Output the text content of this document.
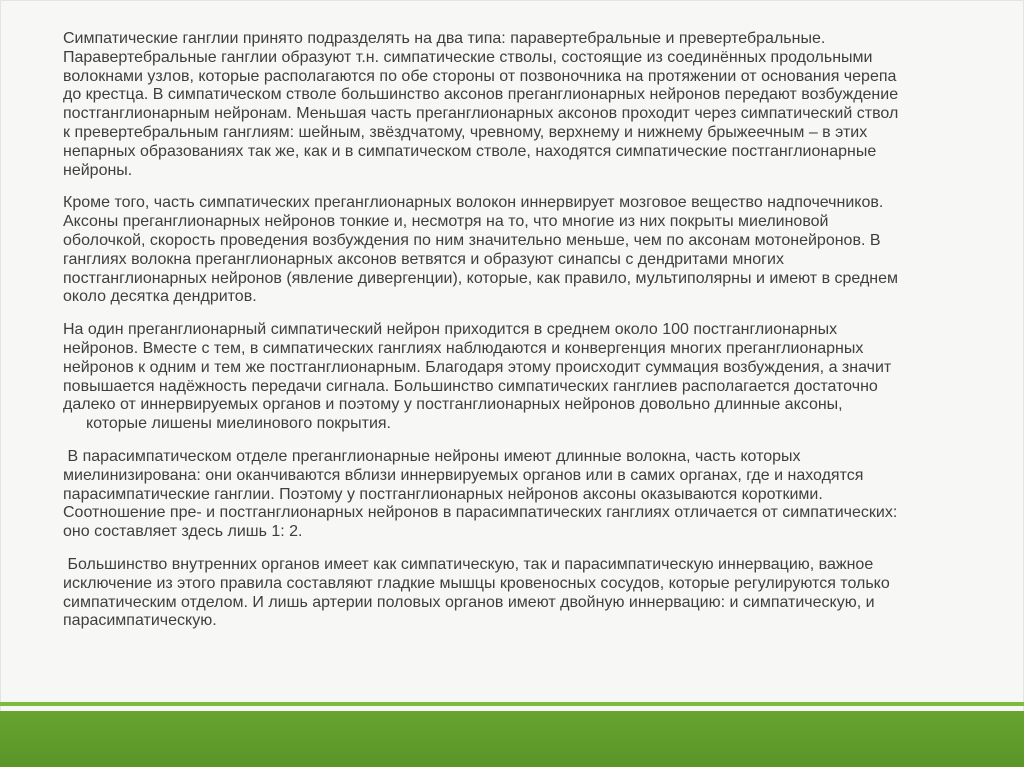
Симпатические ганглии принято подразделять на два типа: паравертебральные и превертебральные.
Паравертебральные ганглии образуют т.н. симпатические стволы, состоящие из соединённых продольными
волокнами узлов, которые располагаются по обе стороны от позвоночника на протяжении от основания черепа
до крестца. В симпатическом стволе большинство аксонов преганглионарных нейронов передают возбуждение
постганглионарным нейронам. Меньшая часть преганглионарных аксонов проходит через симпатический ствол
к превертебральным ганглиям: шейным, звёздчатому, чревному, верхнему и нижнему брыжеечным – в этих
непарных образованиях так же, как и в симпатическом стволе, находятся симпатические постганглионарные
нейроны.
Кроме того, часть симпатических преганглионарных волокон иннервирует мозговое вещество надпочечников.
Аксоны преганглионарных нейронов тонкие и, несмотря на то, что многие из них покрыты миелиновой
оболочкой, скорость проведения возбуждения по ним значительно меньше, чем по аксонам мотонейронов. В
ганглиях волокна преганглионарных аксонов ветвятся и образуют синапсы с дендритами многих
постганглионарных нейронов (явление дивергенции), которые, как правило, мультиполярны и имеют в среднем
около десятка дендритов.
На один преганглионарный симпатический нейрон приходится в среднем около 100 постганглионарных
нейронов. Вместе с тем, в симпатических ганглиях наблюдаются и конвергенция многих преганглионарных
нейронов к одним и тем же постганглионарным. Благодаря этому происходит суммация возбуждения, а значит
повышается надёжность передачи сигнала. Большинство симпатических ганглиев располагается достаточно
далеко от иннервируемых органов и поэтому у постганглионарных нейронов довольно длинные аксоны,
которые лишены миелинового покрытия.
В парасимпатическом отделе преганглионарные нейроны имеют длинные волокна, часть которых
миелинизирована: они оканчиваются вблизи иннервируемых органов или в самих органах, где и находятся
парасимпатические ганглии. Поэтому у постганглионарных нейронов аксоны оказываются короткими.
Соотношение пре- и постганглионарных нейронов в парасимпатических ганглиях отличается от симпатических:
оно составляет здесь лишь 1: 2.
Большинство внутренних органов имеет как симпатическую, так и парасимпатическую иннервацию, важное
исключение из этого правила составляют гладкие мышцы кровеносных сосудов, которые регулируются только
симпатическим отделом. И лишь артерии половых органов имеют двойную иннервацию: и симпатическую, и
парасимпатическую.
